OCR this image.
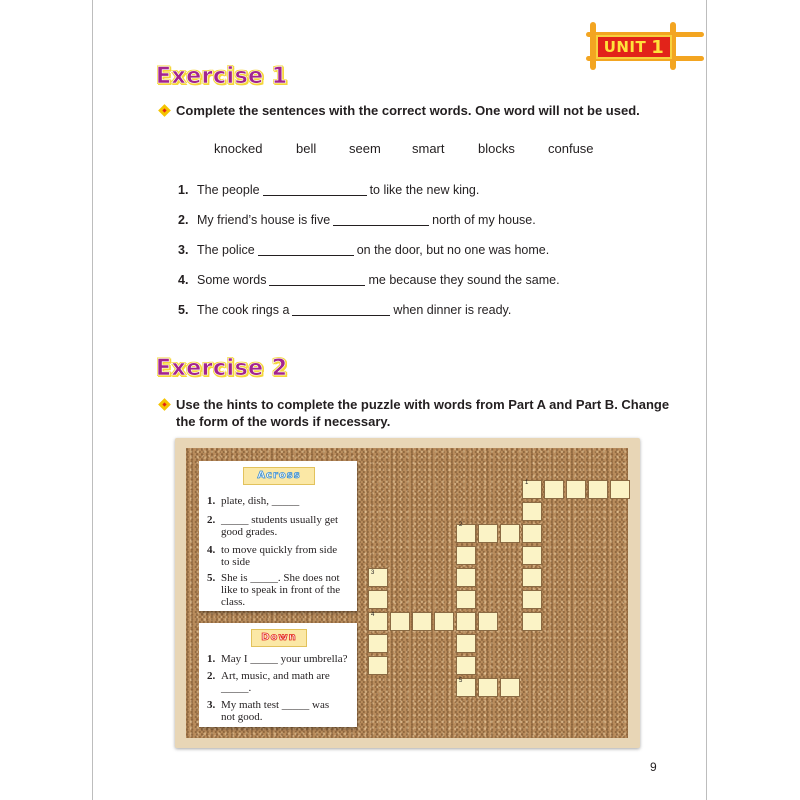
UNIT 1
Exercise 1
Complete the sentences with the correct words. One word will not be used.
knocked	bell	seem	smart	blocks	confuse
1. The people	to like the new king.
2. My friend’s house is five	north of my house.
3. The police	on the door, but no one was home.
4. Some words	me because they sound the same.
5. The cook rings a	when dinner is ready.
Exercise 2
Use the hints to complete the puzzle with words from Part A and Part B. Change
the form of the words if necessary.
Across
1. plate, dish, _____
2. _____ students usually get
good grades.
4. to move quickly from side
to side
5. She is _____. She does not
like to speak in front of the
class.
Down
1. May I _____ your umbrella?
2. Art, music, and math are
_____.
3. My math test _____ was
not good.
1
2
3
4
5
9
